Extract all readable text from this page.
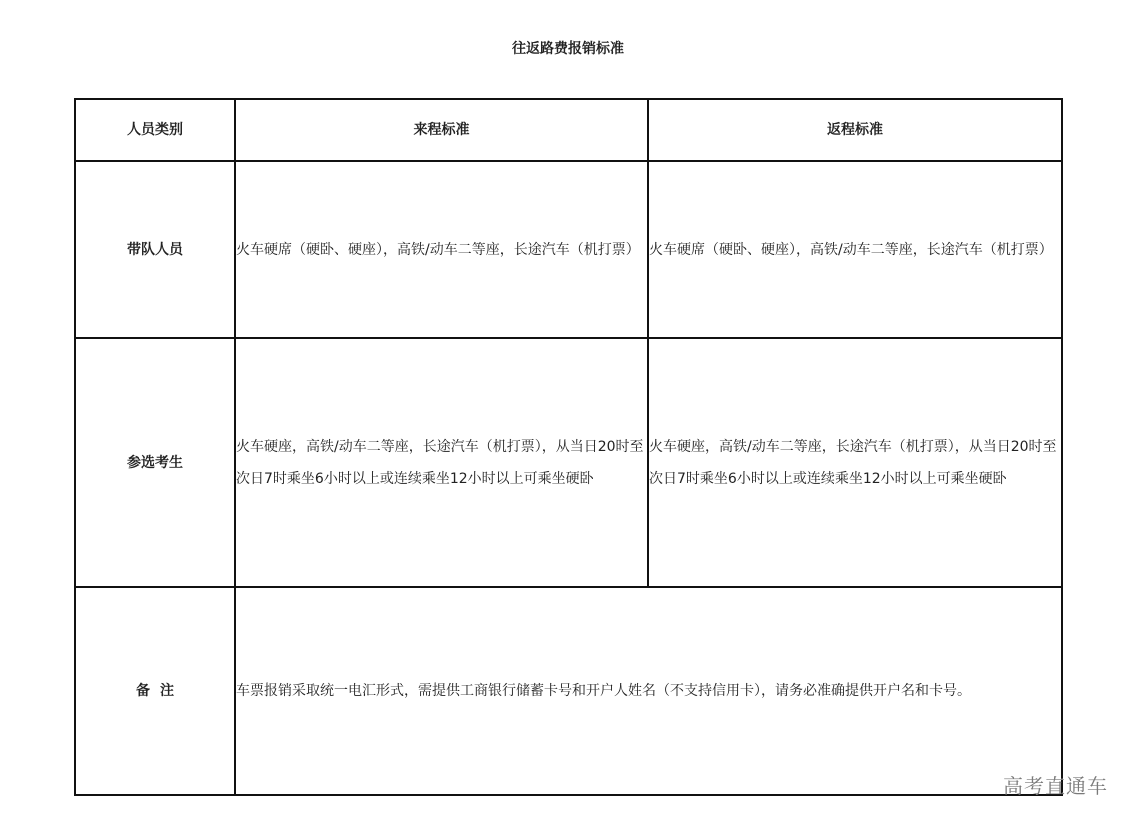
往返路费报销标准
人员类别	来程标准	返程标准
带队人员	火车硬席（硬卧、硬座），高铁/动车二等座，长途汽车（机打票）	火车硬席（硬卧、硬座），高铁/动车二等座，长途汽车（机打票）
参选考生	火车硬座，高铁/动车二等座，长途汽车（机打票），从当日20时至次日7时乘坐6小时以上或连续乘坐12小时以上可乘坐硬卧	火车硬座，高铁/动车二等座，长途汽车（机打票），从当日20时至次日7时乘坐6小时以上或连续乘坐12小时以上可乘坐硬卧
备注	车票报销采取统一电汇形式，需提供工商银行储蓄卡号和开户人姓名（不支持信用卡），请务必准确提供开户名和卡号。	
高考直通车
